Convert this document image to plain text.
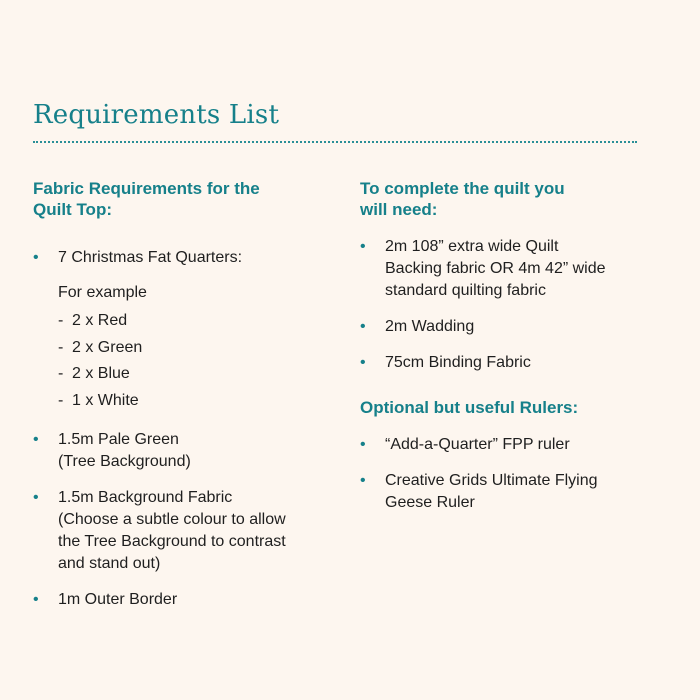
Requirements List
Fabric Requirements for the
Quilt Top:
• 7 Christmas Fat Quarters:
For example
- 2 x Red
- 2 x Green
- 2 x Blue
- 1 x White
• 1.5m Pale Green
(Tree Background)
• 1.5m Background Fabric
(Choose a subtle colour to allow
the Tree Background to contrast
and stand out)
• 1m Outer Border
To complete the quilt you
will need:
• 2m 108” extra wide Quilt
Backing fabric OR 4m 42” wide
standard quilting fabric
• 2m Wadding
• 75cm Binding Fabric
Optional but useful Rulers:
• “Add-a-Quarter” FPP ruler
• Creative Grids Ultimate Flying
Geese Ruler
